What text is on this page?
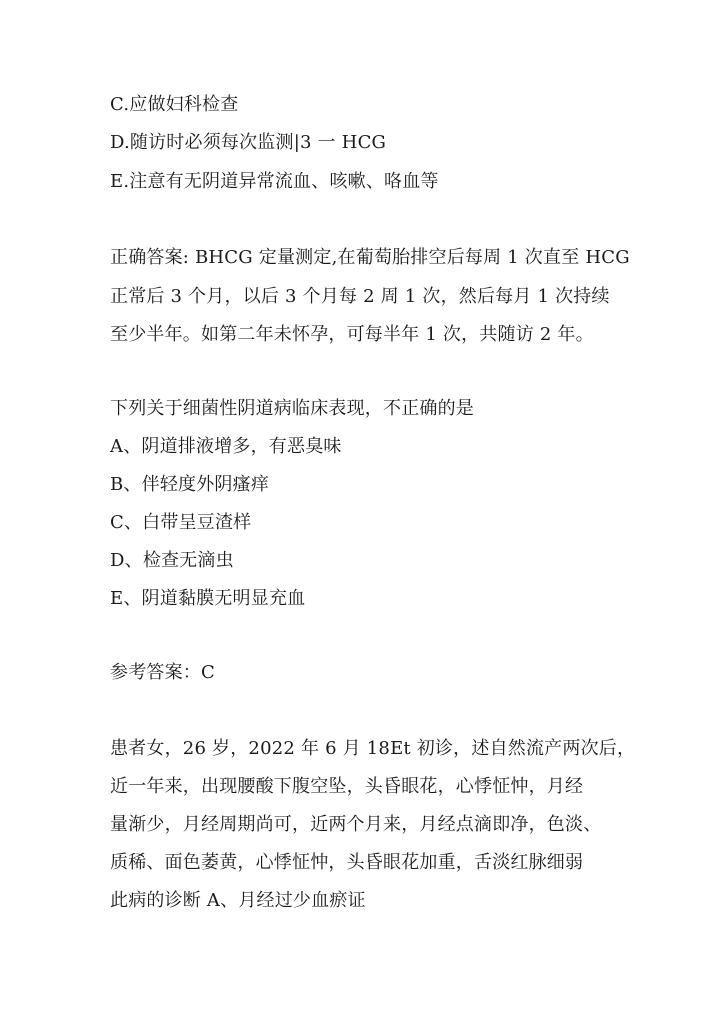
C.应做妇科检查
D.随访时必须每次监测|3 一 HCG
E.注意有无阴道异常流血、咳嗽、咯血等
正确答案: BHCG 定量测定,在葡萄胎排空后每周 1 次直至 HCG
正常后 3 个月，以后 3 个月每 2 周 1 次，然后每月 1 次持续
至少半年。如第二年未怀孕，可每半年 1 次，共随访 2 年。
下列关于细菌性阴道病临床表现，不正确的是
A、阴道排液增多，有恶臭味
B、伴轻度外阴瘙痒
C、白带呈豆渣样
D、检查无滴虫
E、阴道黏膜无明显充血
参考答案：C
患者女，26 岁，2022 年 6 月 18Et 初诊，述自然流产两次后，
近一年来，出现腰酸下腹空坠，头昏眼花，心悸怔忡，月经
量渐少，月经周期尚可，近两个月来，月经点滴即净，色淡、
质稀、面色萎黄，心悸怔忡，头昏眼花加重，舌淡红脉细弱
此病的诊断 A、月经过少血瘀证
